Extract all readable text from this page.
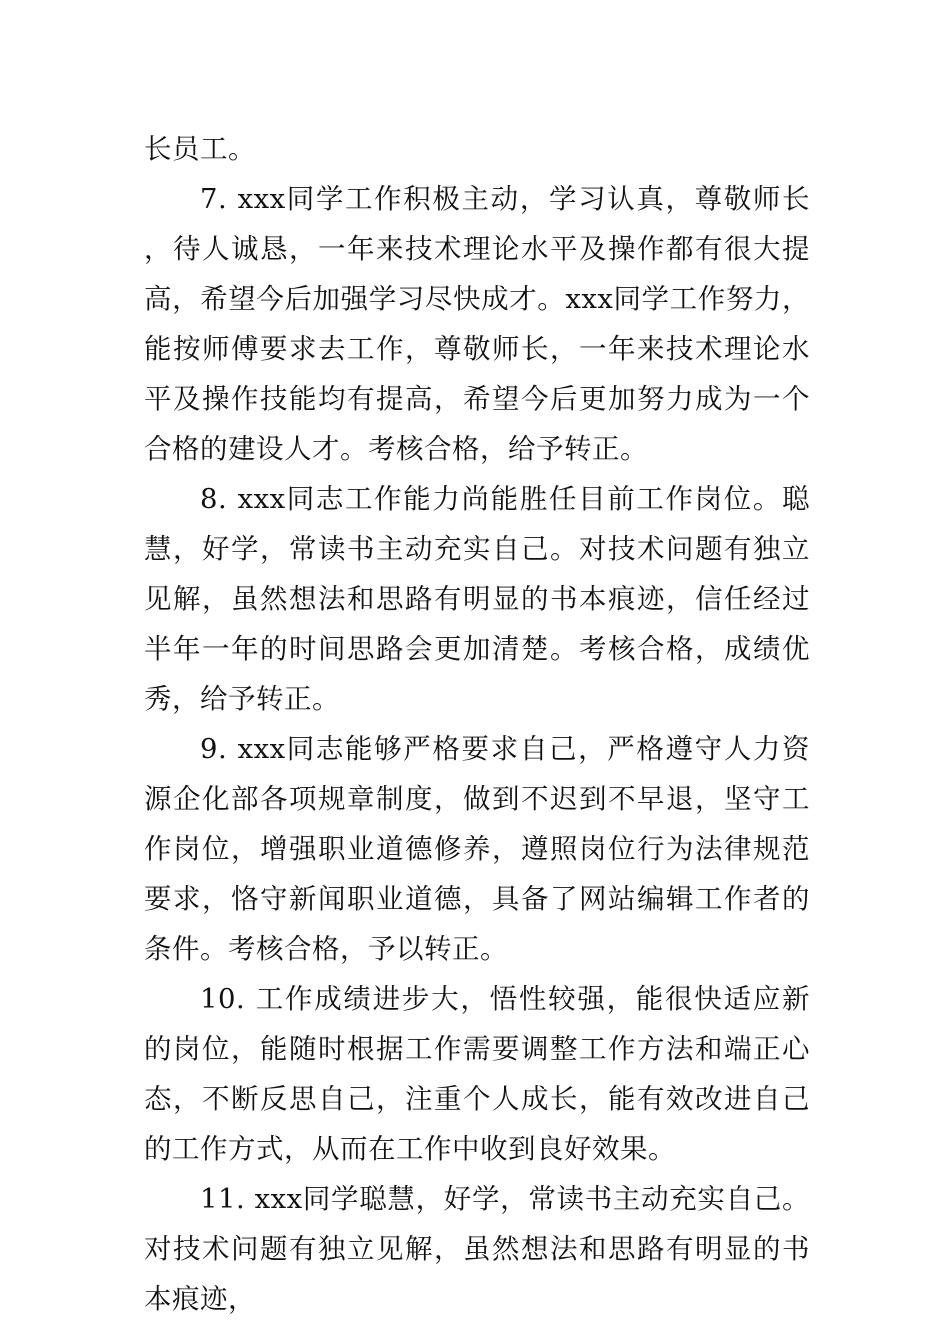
长员工。

7. xxx同学工作积极主动，学习认真，尊敬师长，待人诚恳，一年来技术理论水平及操作都有很大提高，希望今后加强学习尽快成才。xxx同学工作努力，能按师傅要求去工作，尊敬师长，一年来技术理论水平及操作技能均有提高，希望今后更加努力成为一个合格的建设人才。考核合格，给予转正。

8. xxx同志工作能力尚能胜任目前工作岗位。聪慧，好学，常读书主动充实自己。对技术问题有独立见解，虽然想法和思路有明显的书本痕迹，信任经过半年一年的时间思路会更加清楚。考核合格，成绩优秀，给予转正。

9. xxx同志能够严格要求自己，严格遵守人力资源企化部各项规章制度，做到不迟到不早退，坚守工作岗位，增强职业道德修养，遵照岗位行为法律规范要求，恪守新闻职业道德，具备了网站编辑工作者的条件。考核合格，予以转正。

10. 工作成绩进步大，悟性较强，能很快适应新的岗位，能随时根据工作需要调整工作方法和端正心态，不断反思自己，注重个人成长，能有效改进自己的工作方式，从而在工作中收到良好效果。

11. xxx同学聪慧，好学，常读书主动充实自己。对技术问题有独立见解，虽然想法和思路有明显的书本痕迹，
